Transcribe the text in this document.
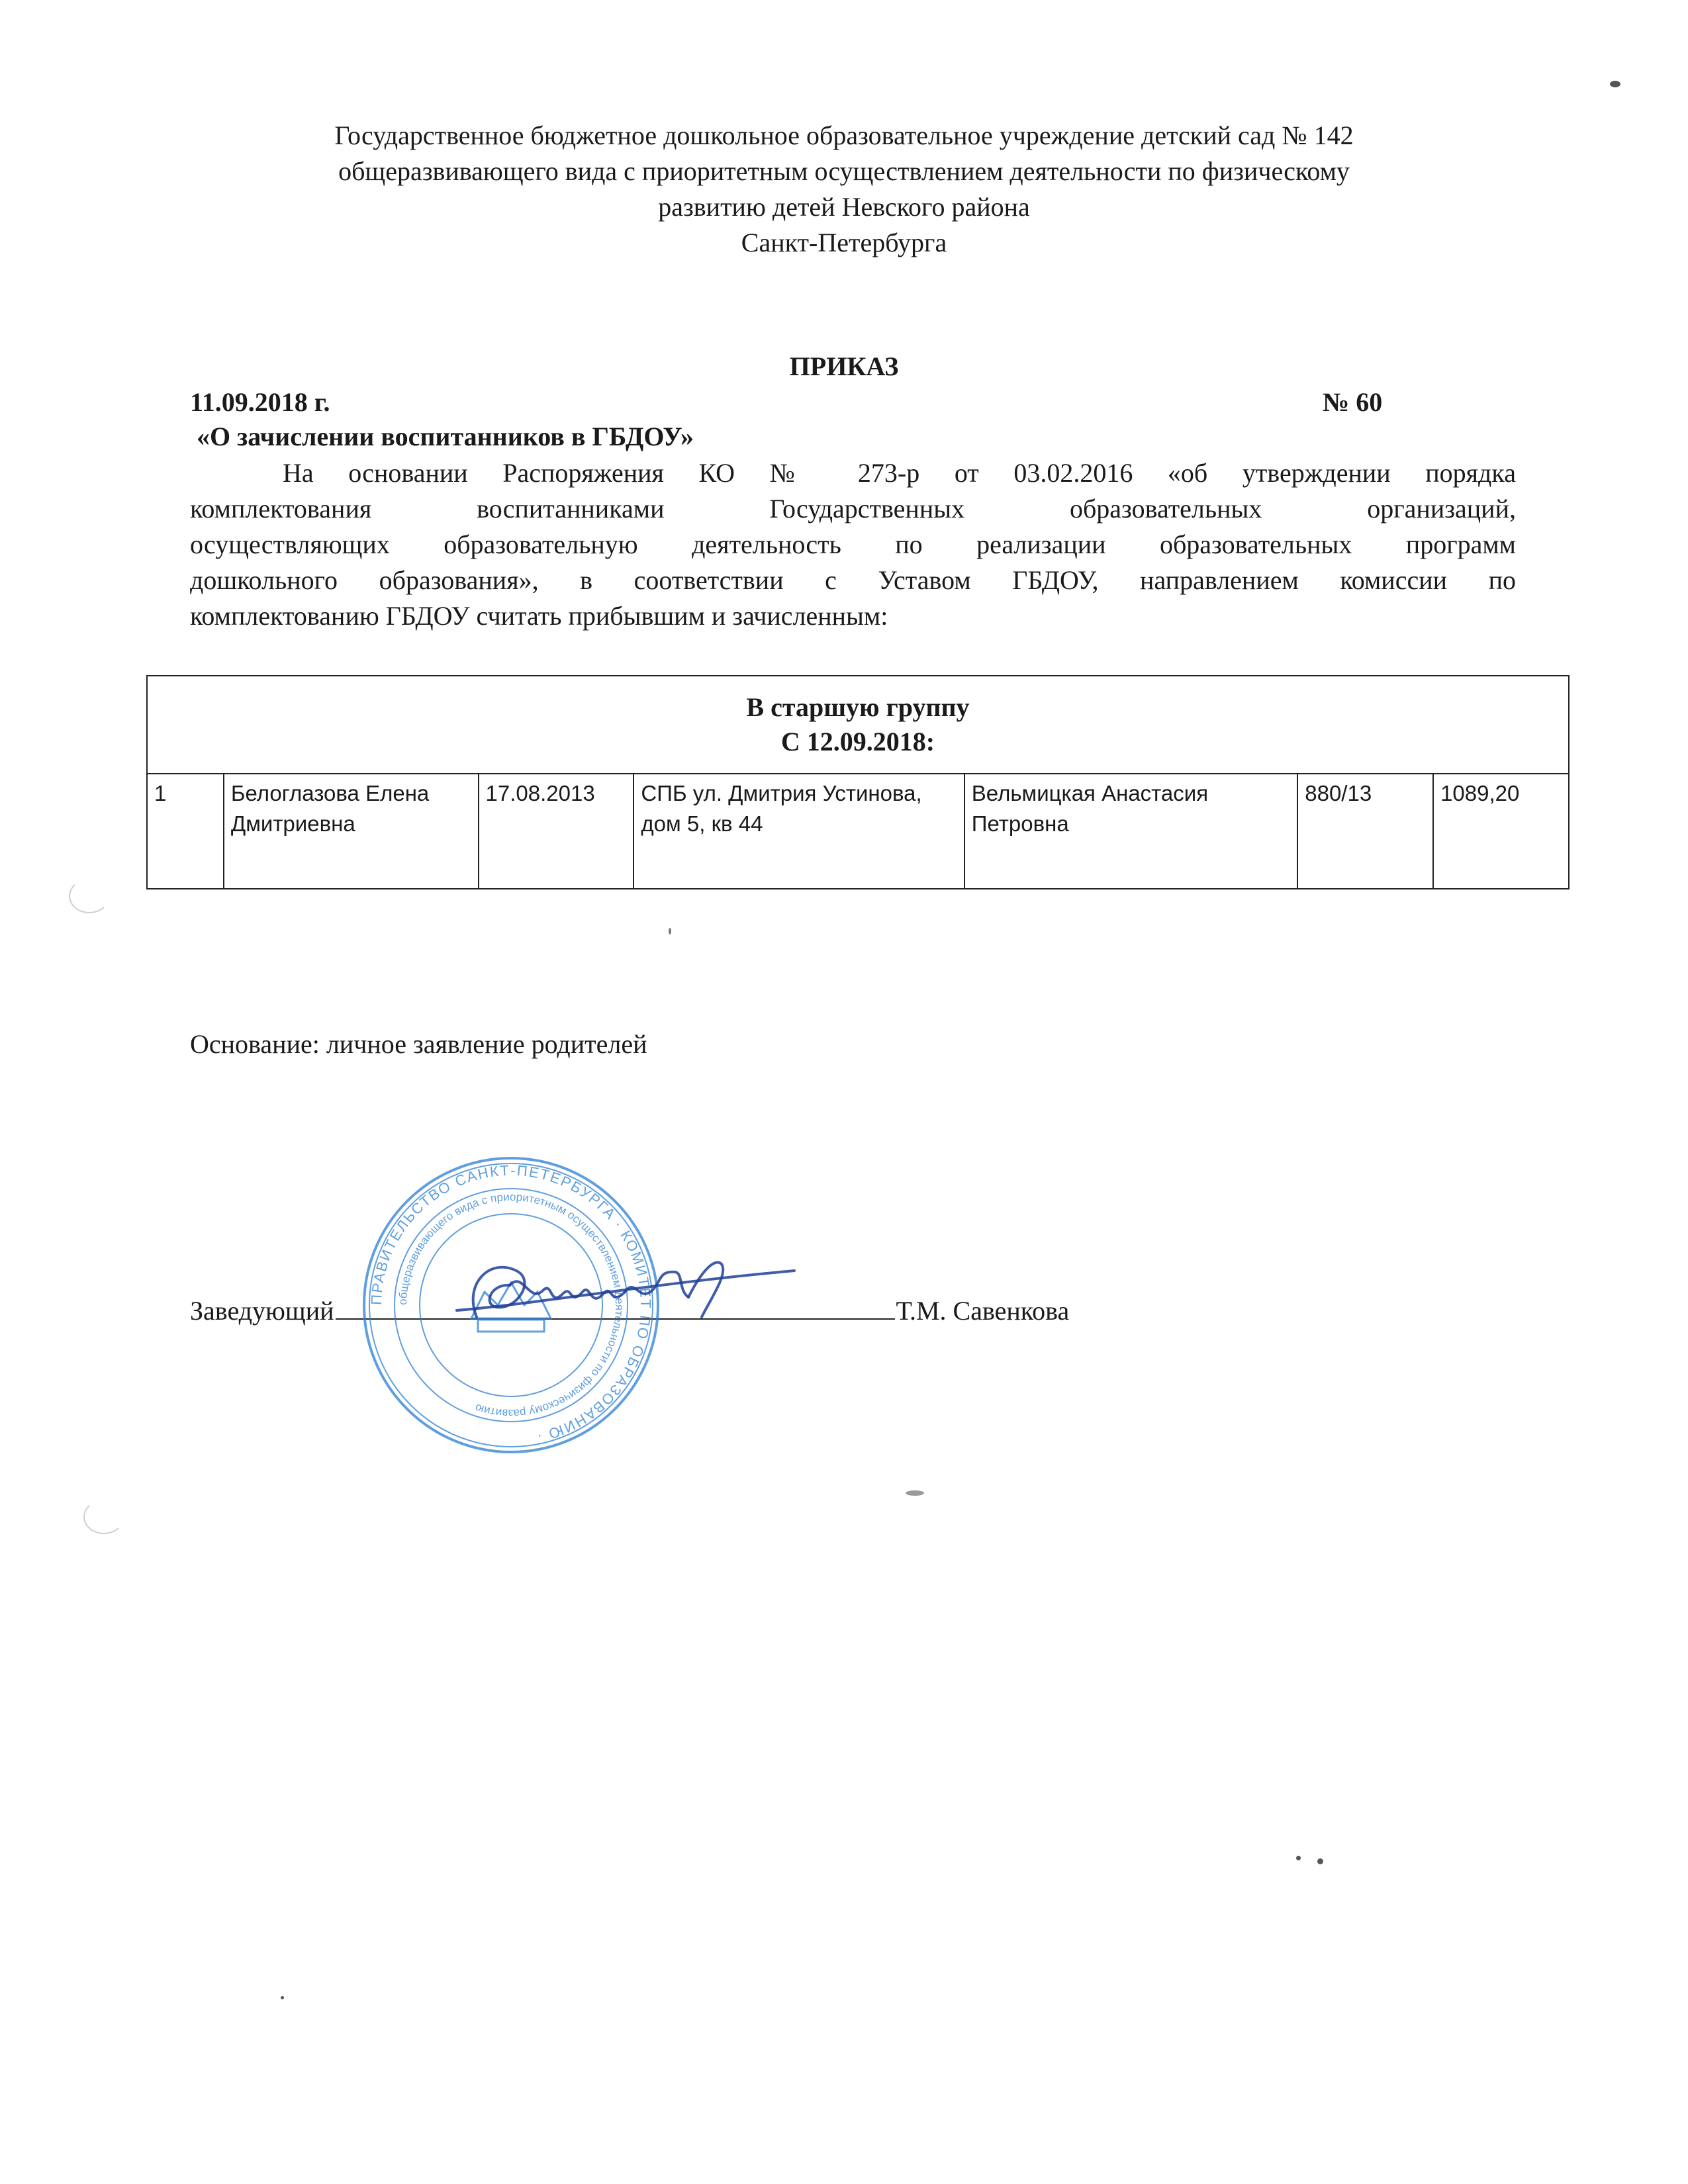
Государственное бюджетное дошкольное образовательное учреждение детский сад № 142
общеразвивающего вида с приоритетным осуществлением деятельности по физическому
развитию детей Невского района
Санкт-Петербурга
ПРИКАЗ
11.09.2018 г.	№ 60
«О зачислении воспитанников в ГБДОУ»
На основании Распоряжения КО № 273-р от 03.02.2016 «об утверждении порядка
комплектования воспитанниками Государственных образовательных организаций,
осуществляющих образовательную деятельность по реализации образовательных программ
дошкольного образования», в соответствии с Уставом ГБДОУ, направлением комиссии по
комплектованию ГБДОУ считать прибывшим и зачисленным:
В старшую группу
С 12.09.2018:

1	Белоглазова Елена Дмитриевна	17.08.2013	СПБ ул. Дмитрия Устинова, дом 5, кв 44	Вельмицкая Анастасия Петровна	880/13	1089,20
Основание: личное заявление родителей
Заведующий	Т.М. Савенкова
ПРАВИТЕЛЬСТВО САНКТ-ПЕТЕРБУРГА · КОМИТЕТ ПО ОБРАЗОВАНИЮ ·
общеразвивающего вида с приоритетным осуществлением деятельности по физическому развитию
